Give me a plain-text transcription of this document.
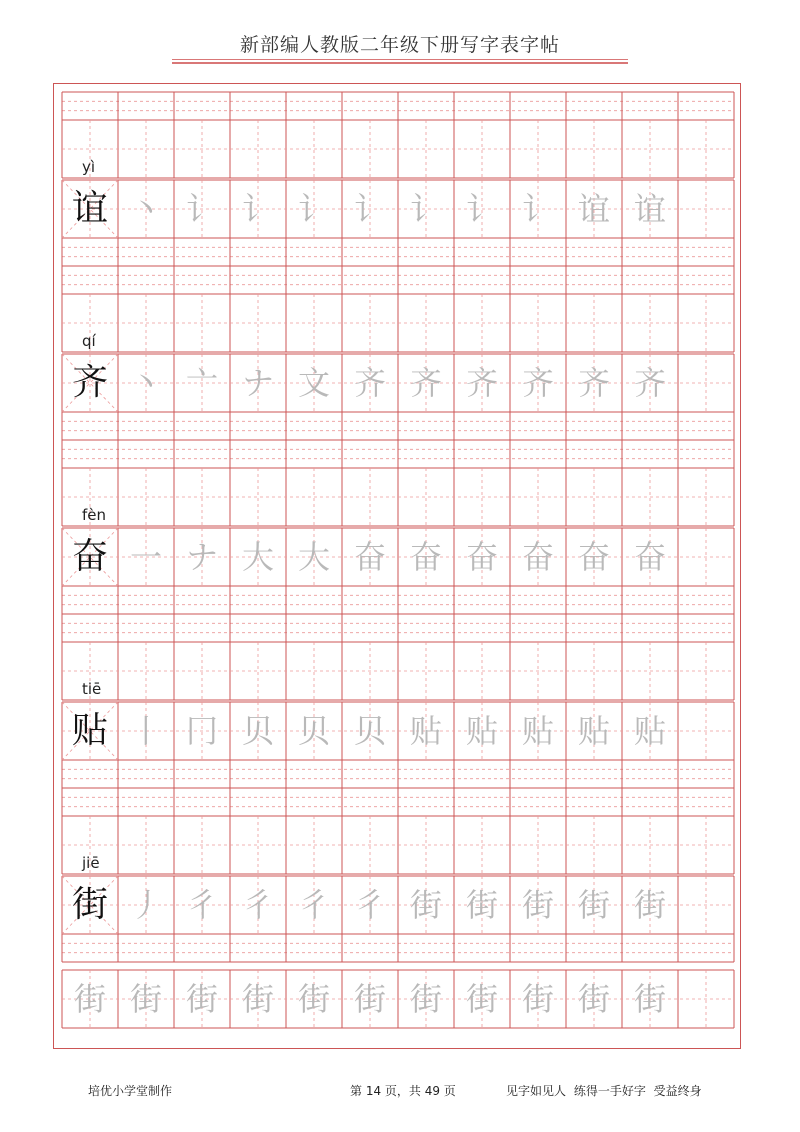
新部编人教版二年级下册写字表字帖
yì
谊 丶 讠 讠 讠 讠 讠 讠 讠 谊 谊
qí
齐 丶 亠 ナ 文 齐 齐 齐 齐 齐 齐
fèn
奋 一 ナ 大 大 奋 奋 奋 奋 奋 奋
tiē
贴 丨 冂 贝 贝 贝 贴 贴 贴 贴 贴
jiē
街 丿 彳 彳 彳 彳 街 街 街 街 街
街 街 街 街 街 街 街 街 街 街 街
培优小学堂制作	第 14 页，共 49 页	见字如见人 练得一手好字 受益终身
